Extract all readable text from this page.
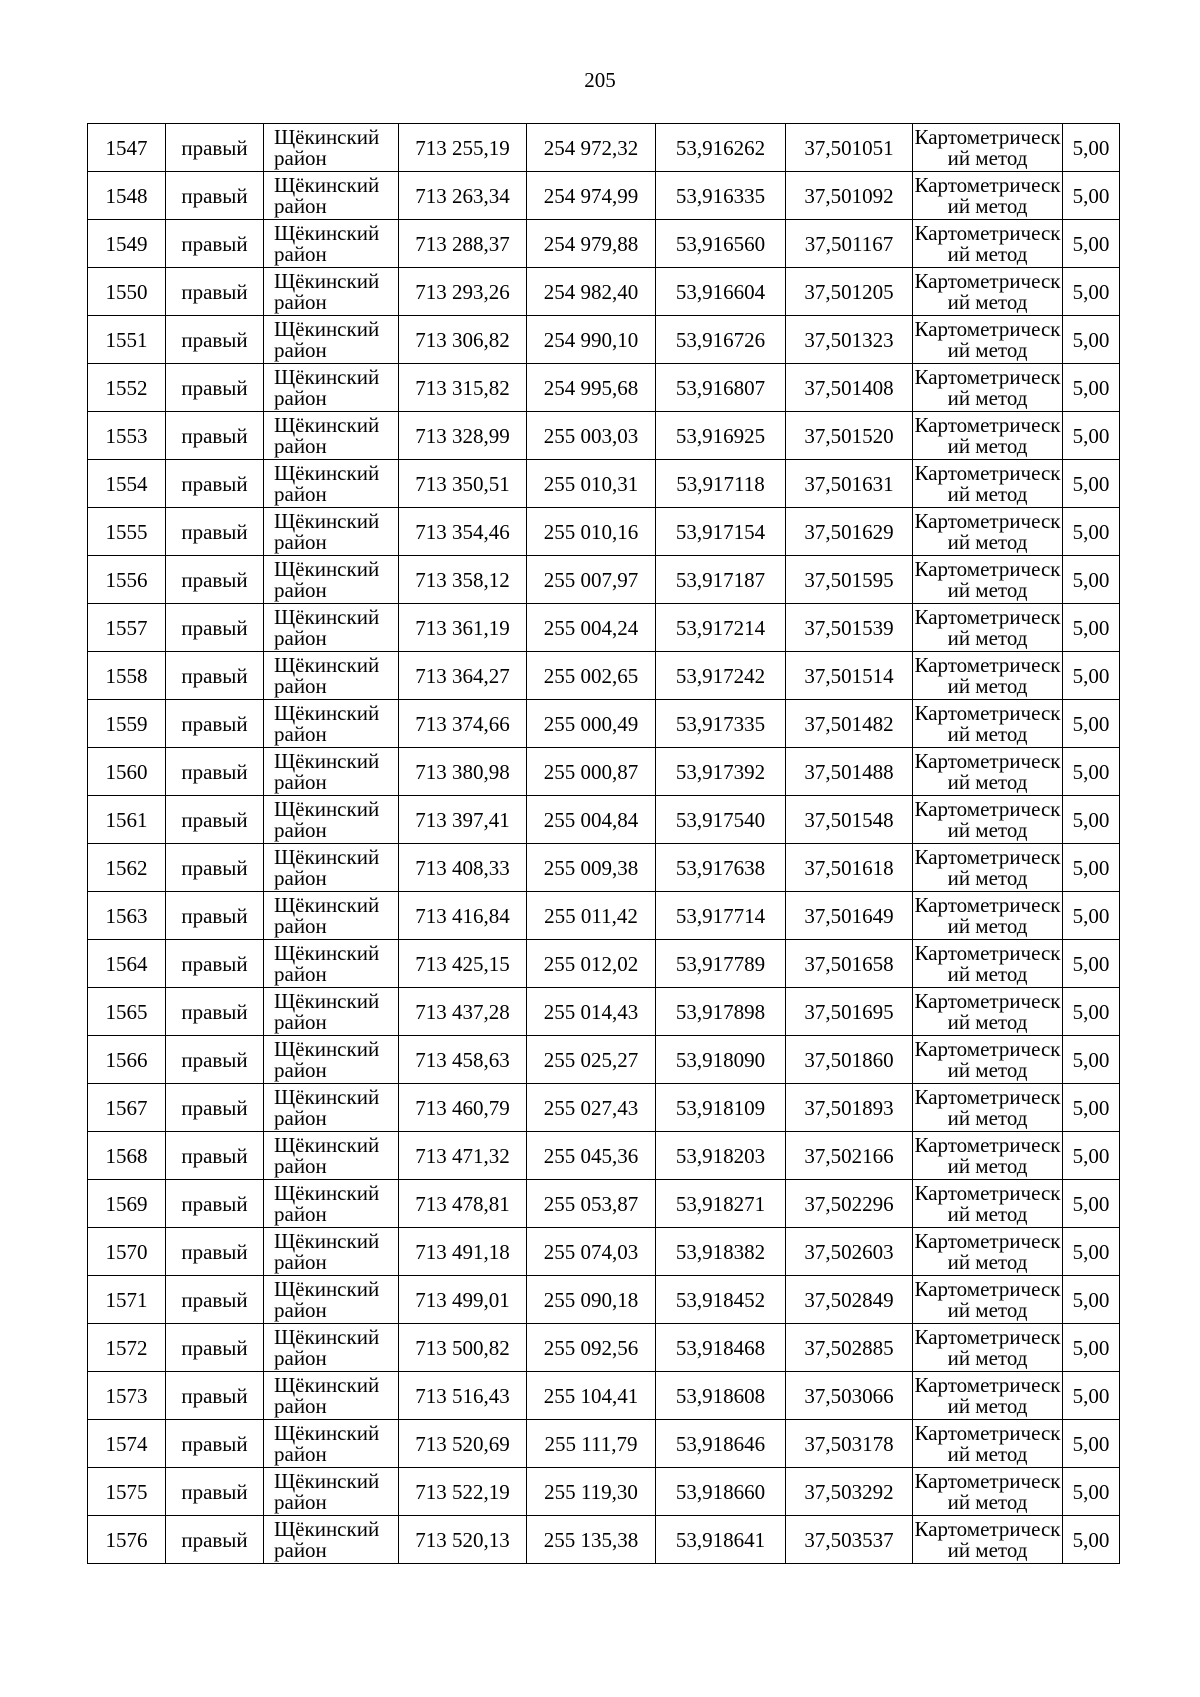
205
1547	правый	Щёкинский район	713 255,19	254 972,32	53,916262	37,501051	Картометрический метод	5,00
1548	правый	Щёкинский район	713 263,34	254 974,99	53,916335	37,501092	Картометрический метод	5,00
1549	правый	Щёкинский район	713 288,37	254 979,88	53,916560	37,501167	Картометрический метод	5,00
1550	правый	Щёкинский район	713 293,26	254 982,40	53,916604	37,501205	Картометрический метод	5,00
1551	правый	Щёкинский район	713 306,82	254 990,10	53,916726	37,501323	Картометрический метод	5,00
1552	правый	Щёкинский район	713 315,82	254 995,68	53,916807	37,501408	Картометрический метод	5,00
1553	правый	Щёкинский район	713 328,99	255 003,03	53,916925	37,501520	Картометрический метод	5,00
1554	правый	Щёкинский район	713 350,51	255 010,31	53,917118	37,501631	Картометрический метод	5,00
1555	правый	Щёкинский район	713 354,46	255 010,16	53,917154	37,501629	Картометрический метод	5,00
1556	правый	Щёкинский район	713 358,12	255 007,97	53,917187	37,501595	Картометрический метод	5,00
1557	правый	Щёкинский район	713 361,19	255 004,24	53,917214	37,501539	Картометрический метод	5,00
1558	правый	Щёкинский район	713 364,27	255 002,65	53,917242	37,501514	Картометрический метод	5,00
1559	правый	Щёкинский район	713 374,66	255 000,49	53,917335	37,501482	Картометрический метод	5,00
1560	правый	Щёкинский район	713 380,98	255 000,87	53,917392	37,501488	Картометрический метод	5,00
1561	правый	Щёкинский район	713 397,41	255 004,84	53,917540	37,501548	Картометрический метод	5,00
1562	правый	Щёкинский район	713 408,33	255 009,38	53,917638	37,501618	Картометрический метод	5,00
1563	правый	Щёкинский район	713 416,84	255 011,42	53,917714	37,501649	Картометрический метод	5,00
1564	правый	Щёкинский район	713 425,15	255 012,02	53,917789	37,501658	Картометрический метод	5,00
1565	правый	Щёкинский район	713 437,28	255 014,43	53,917898	37,501695	Картометрический метод	5,00
1566	правый	Щёкинский район	713 458,63	255 025,27	53,918090	37,501860	Картометрический метод	5,00
1567	правый	Щёкинский район	713 460,79	255 027,43	53,918109	37,501893	Картометрический метод	5,00
1568	правый	Щёкинский район	713 471,32	255 045,36	53,918203	37,502166	Картометрический метод	5,00
1569	правый	Щёкинский район	713 478,81	255 053,87	53,918271	37,502296	Картометрический метод	5,00
1570	правый	Щёкинский район	713 491,18	255 074,03	53,918382	37,502603	Картометрический метод	5,00
1571	правый	Щёкинский район	713 499,01	255 090,18	53,918452	37,502849	Картометрический метод	5,00
1572	правый	Щёкинский район	713 500,82	255 092,56	53,918468	37,502885	Картометрический метод	5,00
1573	правый	Щёкинский район	713 516,43	255 104,41	53,918608	37,503066	Картометрический метод	5,00
1574	правый	Щёкинский район	713 520,69	255 111,79	53,918646	37,503178	Картометрический метод	5,00
1575	правый	Щёкинский район	713 522,19	255 119,30	53,918660	37,503292	Картометрический метод	5,00
1576	правый	Щёкинский район	713 520,13	255 135,38	53,918641	37,503537	Картометрический метод	5,00
